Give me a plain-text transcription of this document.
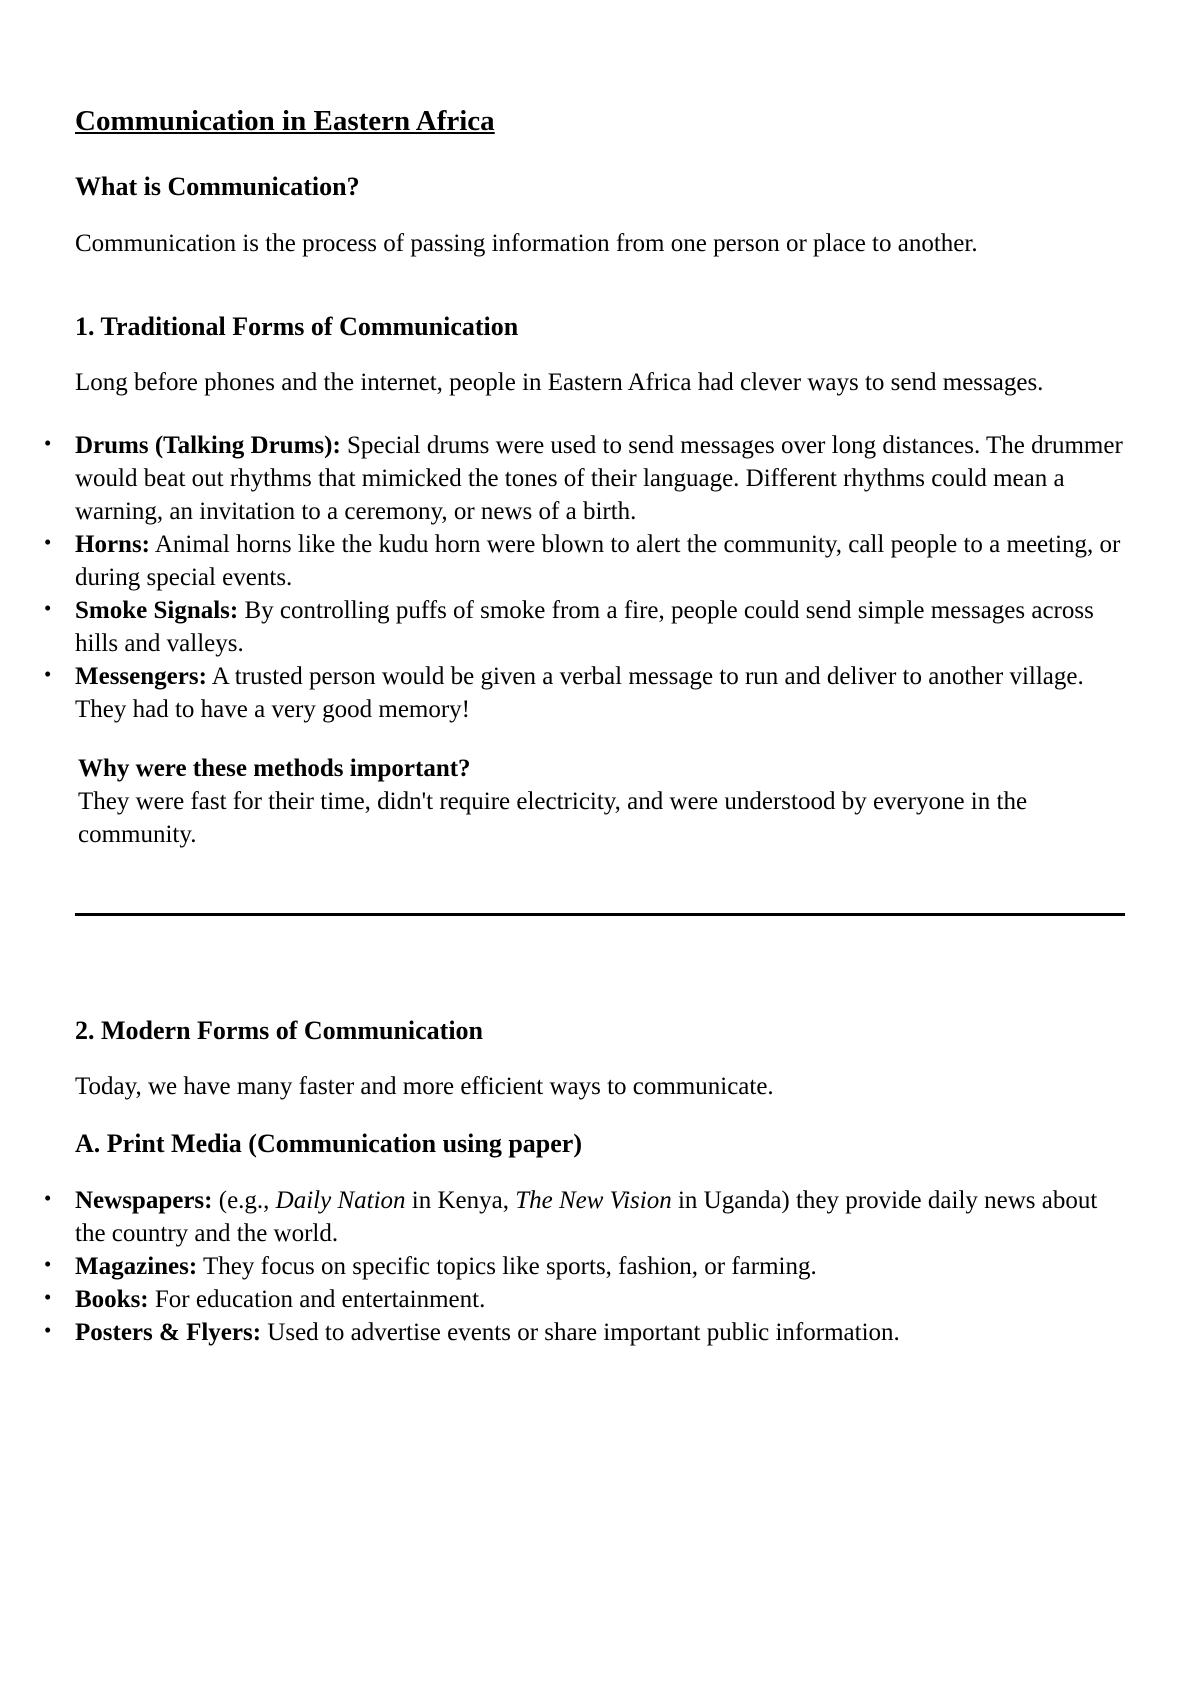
Communication in Eastern Africa
What is Communication?

Communication is the process of passing information from one person or place to another.

1. Traditional Forms of Communication

Long before phones and the internet, people in Eastern Africa had clever ways to send messages.

• Drums (Talking Drums): Special drums were used to send messages over long distances. The drummer would beat out rhythms that mimicked the tones of their language. Different rhythms could mean a warning, an invitation to a ceremony, or news of a birth.
• Horns: Animal horns like the kudu horn were blown to alert the community, call people to a meeting, or during special events.
• Smoke Signals: By controlling puffs of smoke from a fire, people could send simple messages across hills and valleys.
• Messengers: A trusted person would be given a verbal message to run and deliver to another village. They had to have a very good memory!

Why were these methods important?

They were fast for their time, didn't require electricity, and were understood by everyone in the community.

2. Modern Forms of Communication

Today, we have many faster and more efficient ways to communicate.

A. Print Media (Communication using paper)
• Newspapers: (e.g., Daily Nation in Kenya, The New Vision in Uganda) they provide daily news about the country and the world.
• Magazines: They focus on specific topics like sports, fashion, or farming.
• Books: For education and entertainment.
• Posters & Flyers: Used to advertise events or share important public information.
